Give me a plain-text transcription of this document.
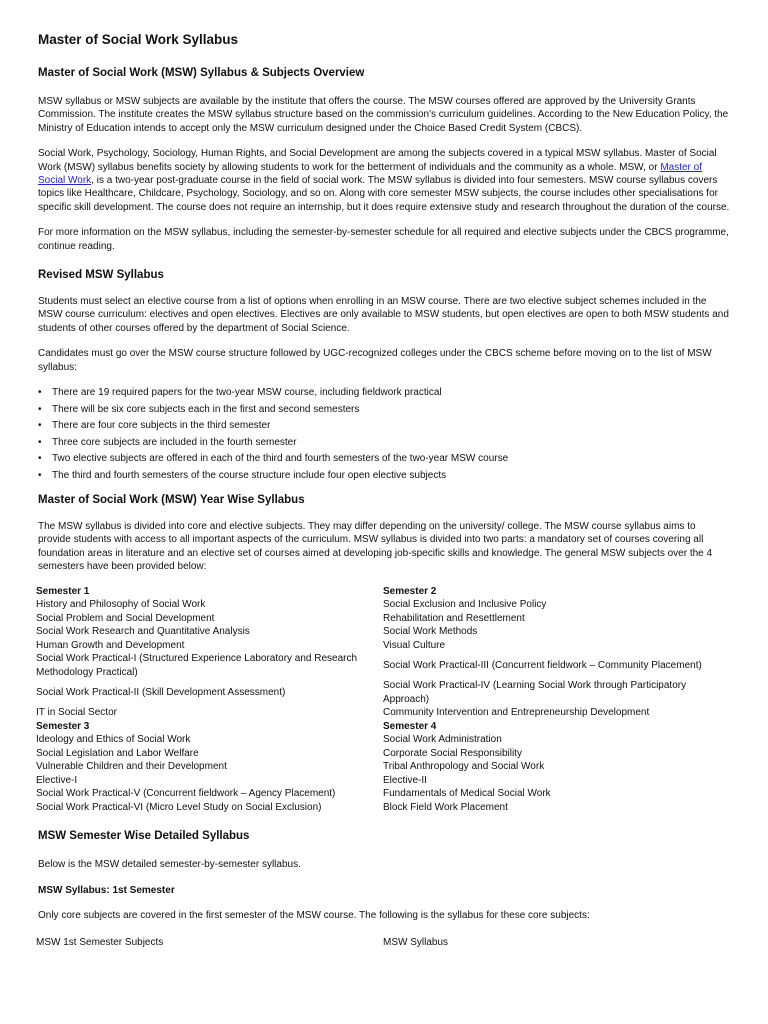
Master of Social Work Syllabus
Master of Social Work (MSW) Syllabus & Subjects Overview

MSW syllabus or MSW subjects are available by the institute that offers the course. The MSW courses offered are approved by the University Grants Commission. The institute creates the MSW syllabus structure based on the commission's curriculum guidelines. According to the New Education Policy, the Ministry of Education intends to accept only the MSW curriculum designed under the Choice Based Credit System (CBCS).

Social Work, Psychology, Sociology, Human Rights, and Social Development are among the subjects covered in a typical MSW syllabus. Master of Social Work (MSW) syllabus benefits society by allowing students to work for the betterment of individuals and the community as a whole. MSW, or Master of Social Work, is a two-year post-graduate course in the field of social work. The MSW syllabus is divided into four semesters. MSW course syllabus covers topics like Healthcare, Childcare, Psychology, Sociology, and so on. Along with core semester MSW subjects, the course includes other specialisations for specific skill development. The course does not require an internship, but it does require extensive study and research throughout the duration of the course.

For more information on the MSW syllabus, including the semester-by-semester schedule for all required and elective subjects under the CBCS programme, continue reading.

Revised MSW Syllabus

Students must select an elective course from a list of options when enrolling in an MSW course. There are two elective subject schemes included in the MSW course curriculum: electives and open electives. Electives are only available to MSW students, but open electives are open to both MSW students and students of other courses offered by the department of Social Science.

Candidates must go over the MSW course structure followed by UGC-recognized colleges under the CBCS scheme before moving on to the list of MSW syllabus:

• There are 19 required papers for the two-year MSW course, including fieldwork practical
• There will be six core subjects each in the first and second semesters
• There are four core subjects in the third semester
• Three core subjects are included in the fourth semester
• Two elective subjects are offered in each of the third and fourth semesters of the two-year MSW course
• The third and fourth semesters of the course structure include four open elective subjects
Master of Social Work (MSW) Year Wise Syllabus

The MSW syllabus is divided into core and elective subjects. They may differ depending on the university/ college. The MSW course syllabus aims to provide students with access to all important aspects of the curriculum. MSW syllabus is divided into two parts: a mandatory set of courses covering all foundation areas in literature and an elective set of courses aimed at developing job-specific skills and knowledge. The general MSW subjects over the 4 semesters have been provided below:

Semester 1	Semester 2
History and Philosophy of Social Work	Social Exclusion and Inclusive Policy
Social Problem and Social Development	Rehabilitation and Resettlement
Social Work Research and Quantitative Analysis	Social Work Methods
Human Growth and Development	Visual Culture
Social Work Practical-I (Structured Experience Laboratory and Research Methodology Practical)	Social Work Practical-III (Concurrent fieldwork – Community Placement)
Social Work Practical-II (Skill Development Assessment)	Social Work Practical-IV (Learning Social Work through Participatory Approach)
IT in Social Sector	Community Intervention and Entrepreneurship Development
Semester 3	Semester 4
Ideology and Ethics of Social Work	Social Work Administration
Social Legislation and Labor Welfare	Corporate Social Responsibility
Vulnerable Children and their Development	Tribal Anthropology and Social Work
Elective-I	Elective-II
Social Work Practical-V (Concurrent fieldwork – Agency Placement)	Fundamentals of Medical Social Work
Social Work Practical-VI (Micro Level Study on Social Exclusion)	Block Field Work Placement
MSW Semester Wise Detailed Syllabus

Below is the MSW detailed semester-by-semester syllabus.

MSW Syllabus: 1st Semester

Only core subjects are covered in the first semester of the MSW course. The following is the syllabus for these core subjects:

MSW 1st Semester Subjects	MSW Syllabus
